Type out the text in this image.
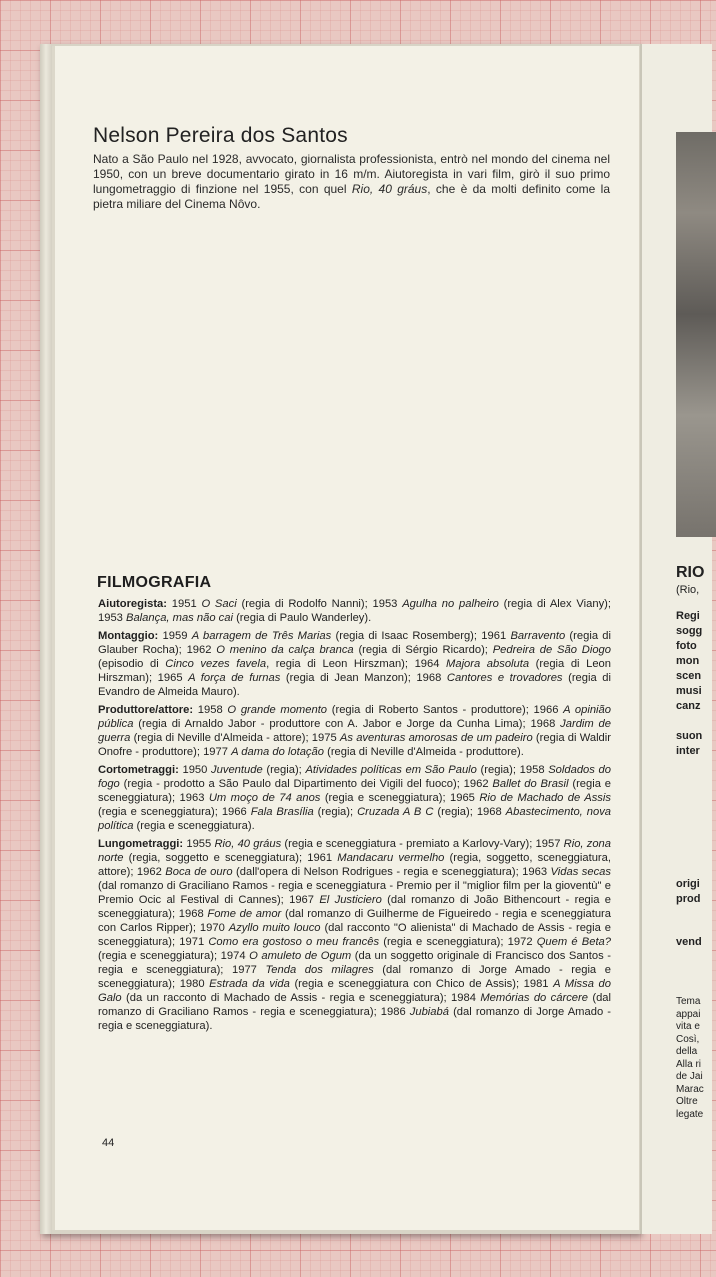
RIO
(Rio,
Regi
sogg
foto
mon
scen
musi
canz
suon
inter
origi
prod
vend
Tema
appai
vita e
Così,
della
Alla ri
de Jai
Marac
Oltre
legate
Nelson Pereira dos Santos

Nato a São Paulo nel 1928, avvocato, giornalista professionista, entrò nel mondo del cinema nel 1950, con un breve documentario girato in 16 m/m. Aiutoregista in vari film, girò il suo primo lungometraggio di finzione nel 1955, con quel Rio, 40 gráus, che è da molti definito come la pietra miliare del Cinema Nôvo.

FILMOGRAFIA

Aiutoregista: 1951 O Saci (regia di Rodolfo Nanni); 1953 Agulha no palheiro (regia di Alex Viany); 1953 Balança, mas não cai (regia di Paulo Wanderley).

Montaggio: 1959 A barragem de Três Marias (regia di Isaac Rosemberg); 1961 Barravento (regia di Glauber Rocha); 1962 O menino da calça branca (regia di Sérgio Ricardo); Pedreira de São Diogo (episodio di Cinco vezes favela, regia di Leon Hirszman); 1964 Majora absoluta (regia di Leon Hirszman); 1965 A força de furnas (regia di Jean Manzon); 1968 Cantores e trovadores (regia di Evandro de Almeida Mauro).

Produttore/attore: 1958 O grande momento (regia di Roberto Santos - produttore); 1966 A opinião pública (regia di Arnaldo Jabor - produttore con A. Jabor e Jorge da Cunha Lima); 1968 Jardim de guerra (regia di Neville d'Almeida - attore); 1975 As aventuras amorosas de um padeiro (regia di Waldir Onofre - produttore); 1977 A dama do lotação (regia di Neville d'Almeida - produttore).

Cortometraggi: 1950 Juventude (regia); Atividades políticas em São Paulo (regia); 1958 Soldados do fogo (regia - prodotto a São Paulo dal Dipartimento dei Vigili del fuoco); 1962 Ballet do Brasil (regia e sceneggiatura); 1963 Um moço de 74 anos (regia e sceneggiatura); 1965 Rio de Machado de Assis (regia e sceneggiatura); 1966 Fala Brasília (regia); Cruzada A B C (regia); 1968 Abastecimento, nova política (regia e sceneggiatura).

Lungometraggi: 1955 Rio, 40 gráus (regia e sceneggiatura - premiato a Karlovy-Vary); 1957 Rio, zona norte (regia, soggetto e sceneggiatura); 1961 Mandacaru vermelho (regia, soggetto, sceneggiatura, attore); 1962 Boca de ouro (dall'opera di Nelson Rodrigues - regia e sceneggiatura); 1963 Vidas secas (dal romanzo di Graciliano Ramos - regia e sceneggiatura - Premio per il "miglior film per la gioventù" e Premio Ocic al Festival di Cannes); 1967 El Justiciero (dal romanzo di João Bithencourt - regia e sceneggiatura); 1968 Fome de amor (dal romanzo di Guilherme de Figueiredo - regia e sceneggiatura con Carlos Ripper); 1970 Azyllo muito louco (dal racconto "O alienista" di Machado de Assis - regia e sceneggiatura); 1971 Como era gostoso o meu francês (regia e sceneggiatura); 1972 Quem é Beta? (regia e sceneggiatura); 1974 O amuleto de Ogum (da un soggetto originale di Francisco dos Santos - regia e sceneggiatura); 1977 Tenda dos milagres (dal romanzo di Jorge Amado - regia e sceneggiatura); 1980 Estrada da vida (regia e sceneggiatura con Chico de Assis); 1981 A Missa do Galo (da un racconto di Machado de Assis - regia e sceneggiatura); 1984 Memórias do cárcere (dal romanzo di Graciliano Ramos - regia e sceneggiatura); 1986 Jubiabá (dal romanzo di Jorge Amado - regia e sceneggiatura).

44
